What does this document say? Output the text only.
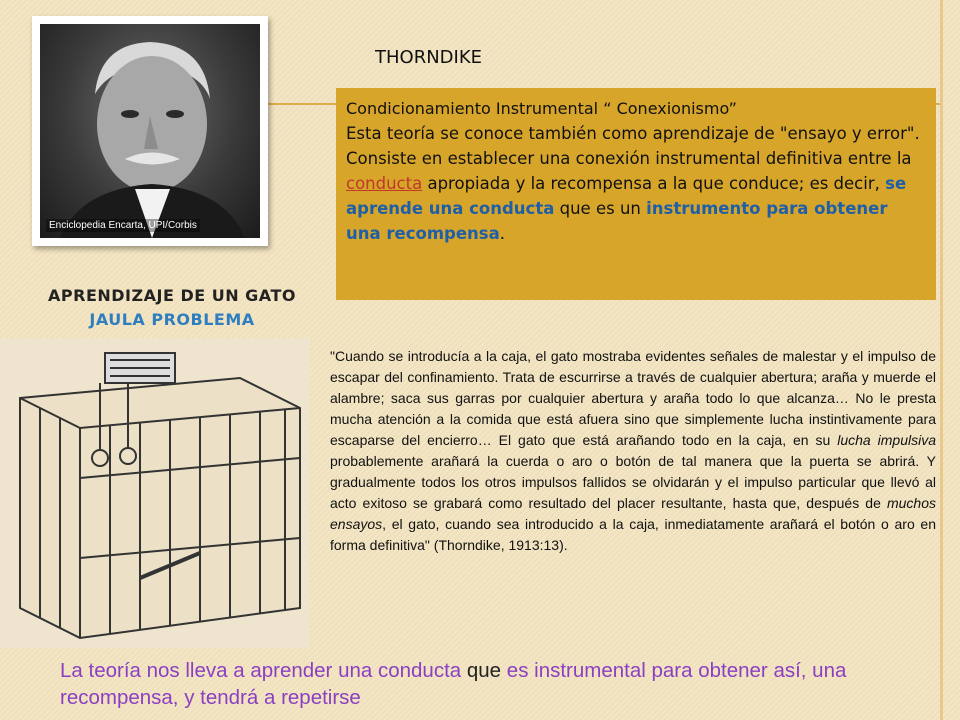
Enciclopedia Encarta, UPI/Corbis
THORNDIKE
Condicionamiento Instrumental “ Conexionismo”
Esta teoría se conoce también como aprendizaje de "ensayo y error".
Consiste en establecer una conexión instrumental definitiva entre la conducta apropiada y la recompensa a la que conduce; es decir, se aprende una conducta que es un instrumento para obtener una recompensa.
APRENDIZAJE DE UN GATO
JAULA PROBLEMA
"Cuando se introducía a la caja, el gato mostraba evidentes señales de malestar y el impulso de escapar del confinamiento. Trata de escurrirse a través de cualquier abertura; araña y muerde el alambre; saca sus garras por cualquier abertura y araña todo lo que alcanza… No le presta mucha atención a la comida que está afuera sino que simplemente lucha instintivamente para escaparse del encierro… El gato que está arañando todo en la caja, en su lucha impulsiva probablemente arañará la cuerda o aro o botón de tal manera que la puerta se abrirá. Y gradualmente todos los otros impulsos fallidos se olvidarán y el impulso particular que llevó al acto exitoso se grabará como resultado del placer resultante, hasta que, después de muchos ensayos, el gato, cuando sea introducido a la caja, inmediatamente arañará el botón o aro en forma definitiva" (Thorndike, 1913:13).
La teoría nos lleva a aprender una conducta que es instrumental para obtener así, una recompensa, y tendrá a repetirse
